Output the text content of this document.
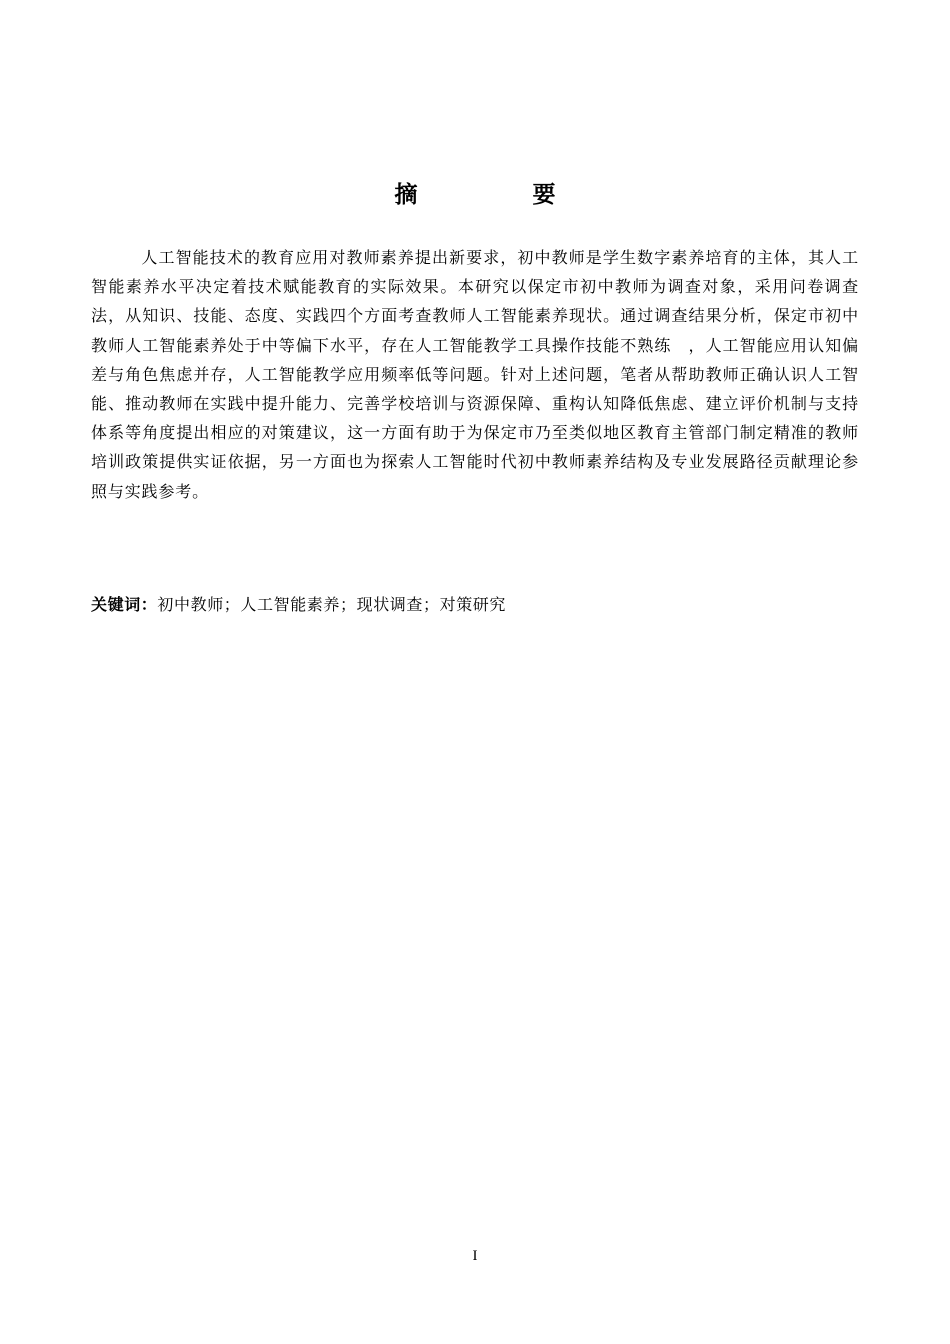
摘　要

人工智能技术的教育应用对教师素养提出新要求，初中教师是学生数字素养培育的主体，其人工智能素养水平决定着技术赋能教育的实际效果。本研究以保定市初中教师为调查对象，采用问卷调查法，从知识、技能、态度、实践四个方面考查教师人工智能素养现状。通过调查结果分析，保定市初中教师人工智能素养处于中等偏下水平，存在人工智能教学工具操作技能不熟练　，人工智能应用认知偏差与角色焦虑并存，人工智能教学应用频率低等问题。针对上述问题，笔者从帮助教师正确认识人工智能、推动教师在实践中提升能力、完善学校培训与资源保障、重构认知降低焦虑、建立评价机制与支持体系等角度提出相应的对策建议，这一方面有助于为保定市乃至类似地区教育主管部门制定精准的教师培训政策提供实证依据，另一方面也为探索人工智能时代初中教师素养结构及专业发展路径贡献理论参照与实践参考。

关键词：初中教师；人工智能素养；现状调查；对策研究
I
